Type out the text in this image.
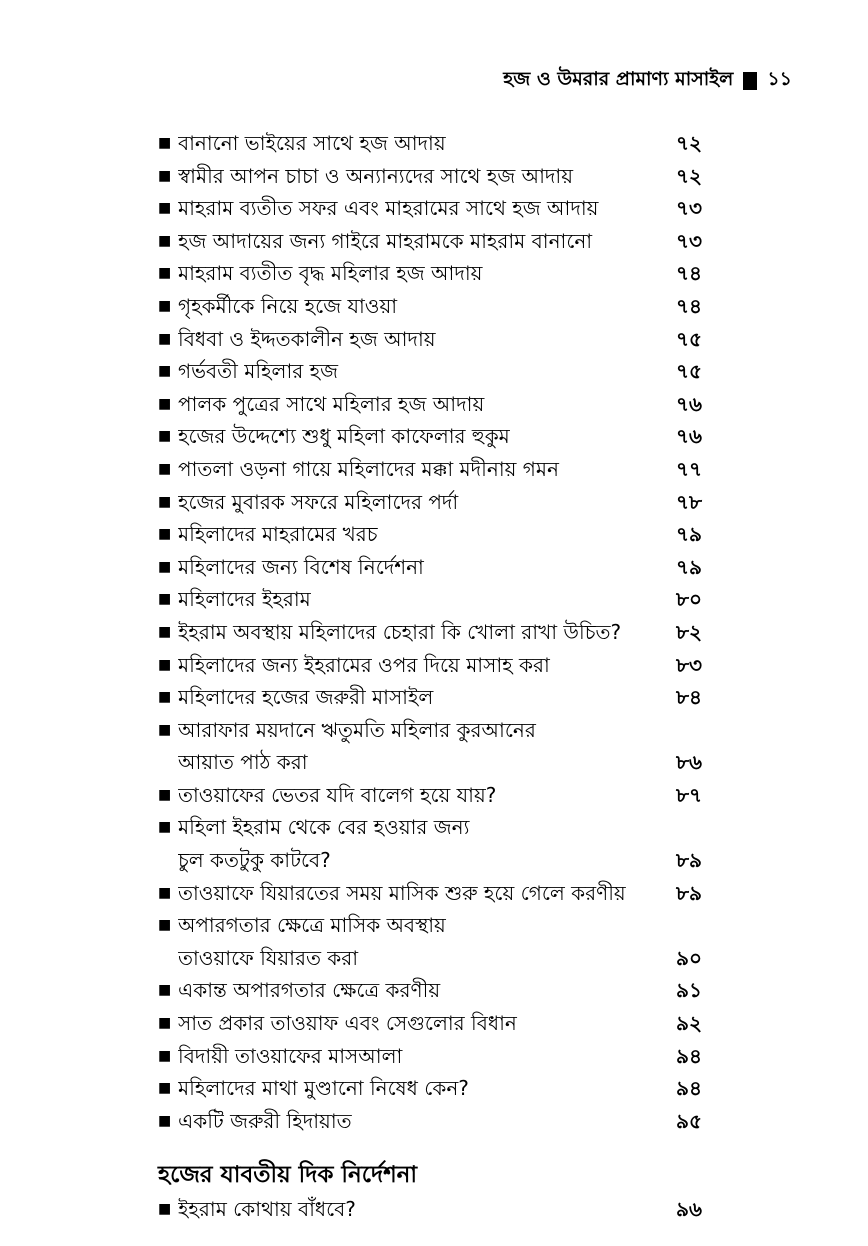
হজ ও উমরার প্রামাণ্য মাসাইল ১১
■ বানানো ভাইয়ের সাথে হজ আদায়	৭২
■ স্বামীর আপন চাচা ও অন্যান্যদের সাথে হজ আদায়	৭২
■ মাহরাম ব্যতীত সফর এবং মাহরামের সাথে হজ আদায়	৭৩
■ হজ আদায়ের জন্য গাইরে মাহরামকে মাহরাম বানানো	৭৩
■ মাহরাম ব্যতীত বৃদ্ধ মহিলার হজ আদায়	৭৪
■ গৃহকর্মীকে নিয়ে হজে যাওয়া	৭৪
■ বিধবা ও ইদ্দতকালীন হজ আদায়	৭৫
■ গর্ভবতী মহিলার হজ	৭৫
■ পালক পুত্রের সাথে মহিলার হজ আদায়	৭৬
■ হজের উদ্দেশ্যে শুধু মহিলা কাফেলার হুকুম	৭৬
■ পাতলা ওড়না গায়ে মহিলাদের মক্কা মদীনায় গমন	৭৭
■ হজের মুবারক সফরে মহিলাদের পর্দা	৭৮
■ মহিলাদের মাহরামের খরচ	৭৯
■ মহিলাদের জন্য বিশেষ নির্দেশনা	৭৯
■ মহিলাদের ইহরাম	৮০
■ ইহরাম অবস্থায় মহিলাদের চেহারা কি খোলা রাখা উচিত?	৮২
■ মহিলাদের জন্য ইহরামের ওপর দিয়ে মাসাহ করা	৮৩
■ মহিলাদের হজের জরুরী মাসাইল	৮৪
■ আরাফার ময়দানে ঋতুমতি মহিলার কুরআনের
আয়াত পাঠ করা	৮৬
■ তাওয়াফের ভেতর যদি বালেগ হয়ে যায়?	৮৭
■ মহিলা ইহরাম থেকে বের হওয়ার জন্য
চুল কতটুকু কাটবে?	৮৯
■ তাওয়াফে যিয়ারতের সময় মাসিক শুরু হয়ে গেলে করণীয়	৮৯
■ অপারগতার ক্ষেত্রে মাসিক অবস্থায়
তাওয়াফে যিয়ারত করা	৯০
■ একান্ত অপারগতার ক্ষেত্রে করণীয়	৯১
■ সাত প্রকার তাওয়াফ এবং সেগুলোর বিধান	৯২
■ বিদায়ী তাওয়াফের মাসআলা	৯৪
■ মহিলাদের মাথা মুণ্ডানো নিষেধ কেন?	৯৪
■ একটি জরুরী হিদায়াত	৯৫
হজের যাবতীয় দিক নির্দেশনা
■ ইহরাম কোথায় বাঁধবে?	৯৬
